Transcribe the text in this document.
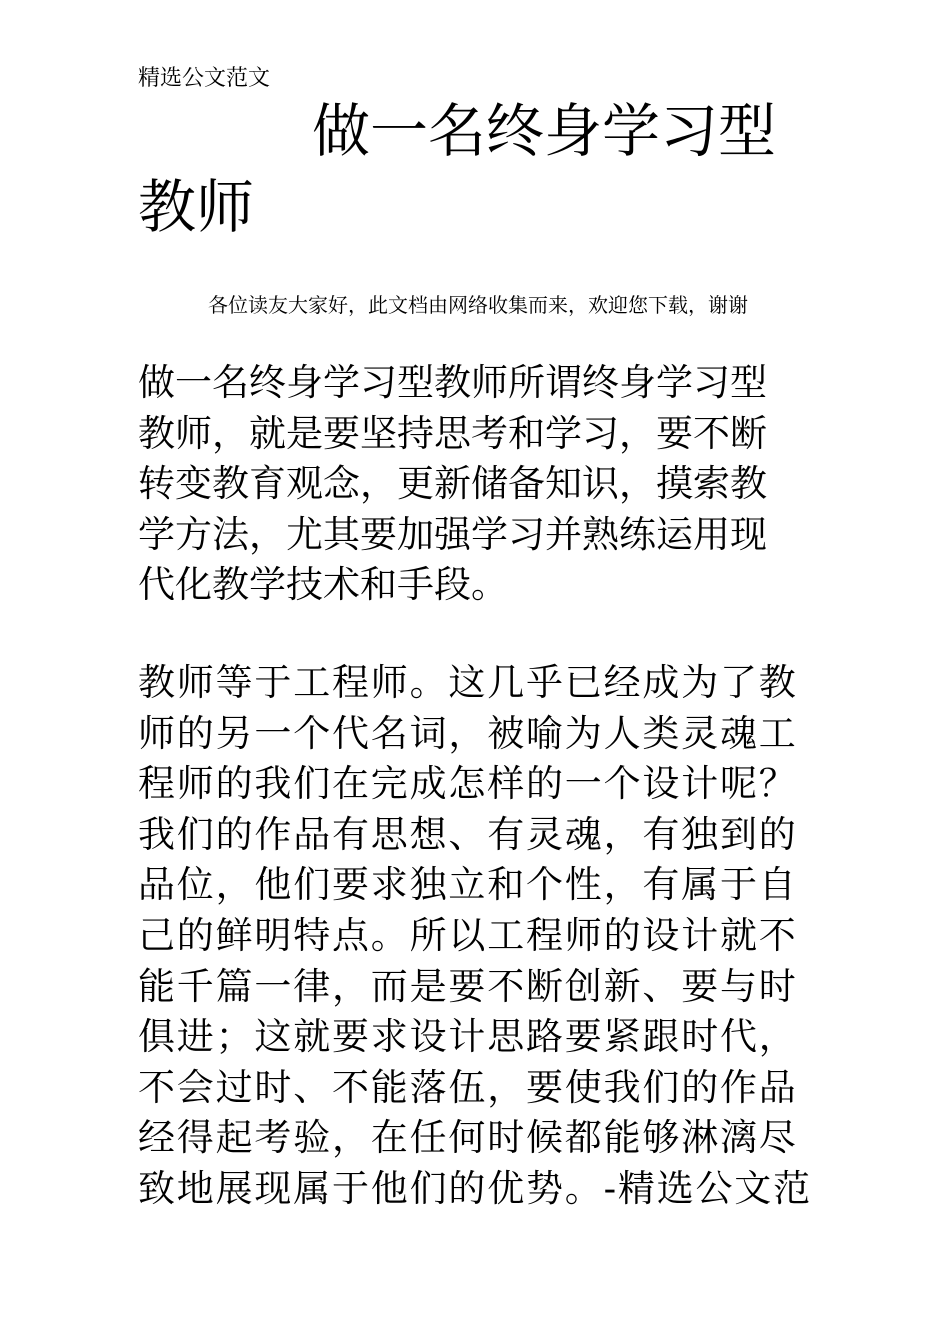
精选公文范文
做一名终身学习型
教师
各位读友大家好，此文档由网络收集而来，欢迎您下载，谢谢
做一名终身学习型教师所谓终身学习型
教师，就是要坚持思考和学习，要不断
转变教育观念，更新储备知识，摸索教
学方法，尤其要加强学习并熟练运用现
代化教学技术和手段。
教师等于工程师。这几乎已经成为了教
师的另一个代名词，被喻为人类灵魂工
程师的我们在完成怎样的一个设计呢？
我们的作品有思想、有灵魂，有独到的
品位，他们要求独立和个性，有属于自
己的鲜明特点。所以工程师的设计就不
能千篇一律，而是要不断创新、要与时
俱进；这就要求设计思路要紧跟时代，
不会过时、不能落伍，要使我们的作品
经得起考验，在任何时候都能够淋漓尽
致地展现属于他们的优势。-精选公文范
